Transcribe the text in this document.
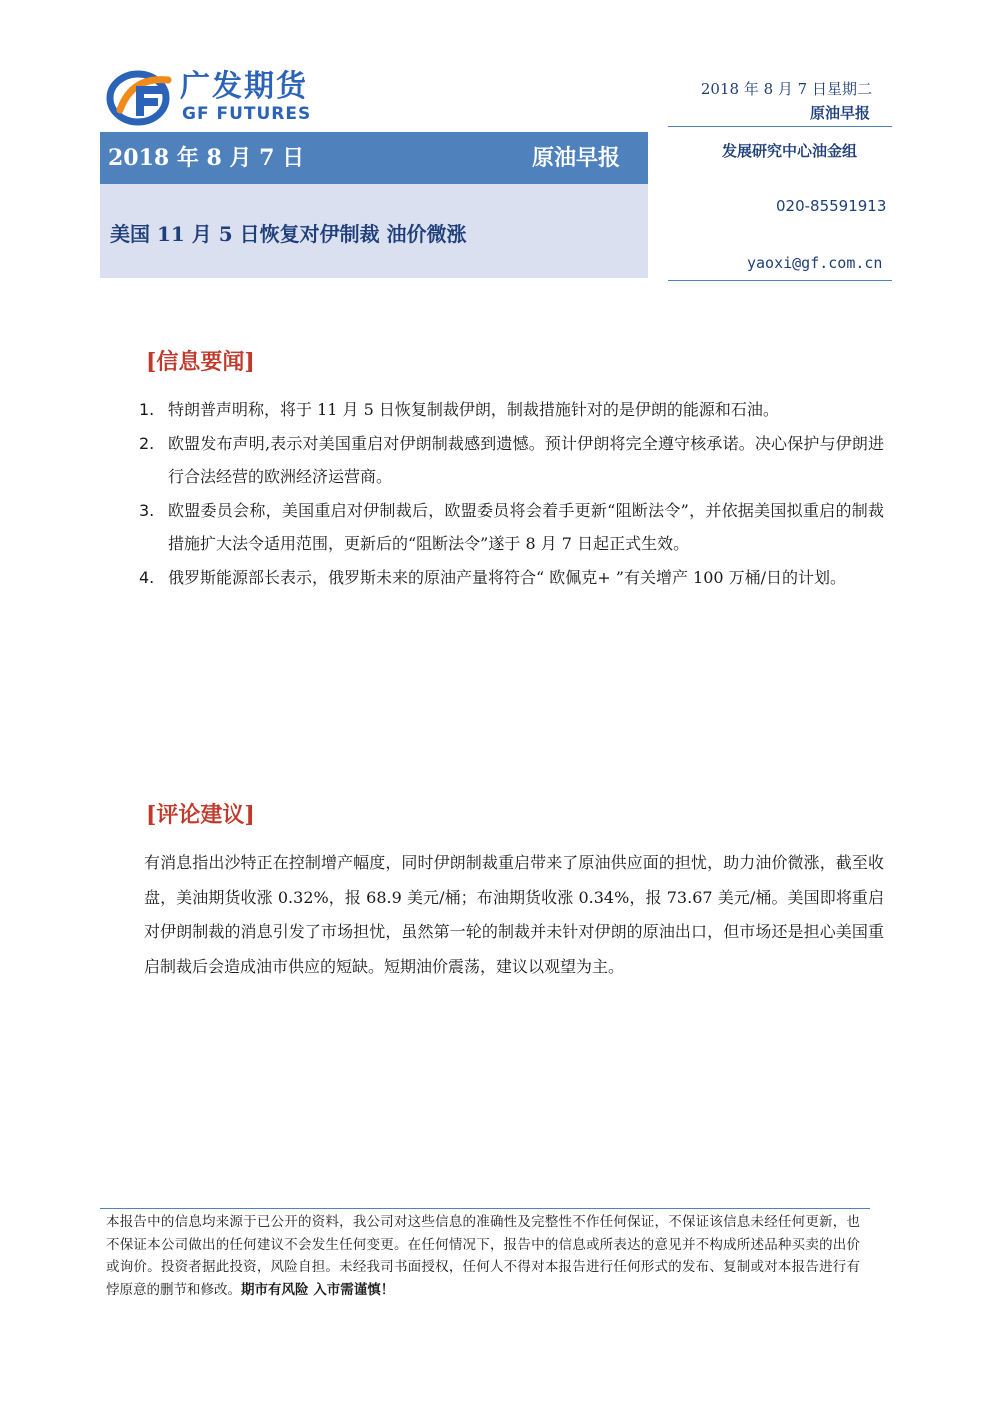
广发期货
GF FUTURES
2018 年 8 月 7 日星期二
原油早报
发展研究中心油金组
020-85591913
yaoxi@gf.com.cn
2018 年 8 月 7 日	原油早报
美国 11 月 5 日恢复对伊制裁 油价微涨
[信息要闻]
1. 特朗普声明称，将于 11 月 5 日恢复制裁伊朗，制裁措施针对的是伊朗的能源和石油。
2. 欧盟发布声明,表示对美国重启对伊朗制裁感到遗憾。预计伊朗将完全遵守核承诺。决心保护与伊朗进行合法经营的欧洲经济运营商。
3. 欧盟委员会称，美国重启对伊制裁后，欧盟委员将会着手更新“阻断法令”，并依据美国拟重启的制裁措施扩大法令适用范围，更新后的“阻断法令”遂于 8 月 7 日起正式生效。
4. 俄罗斯能源部长表示，俄罗斯未来的原油产量将符合“ 欧佩克+ ”有关增产 100 万桶/日的计划。
[评论建议]
有消息指出沙特正在控制增产幅度，同时伊朗制裁重启带来了原油供应面的担忧，助力油价微涨，截至收盘，美油期货收涨 0.32%，报 68.9 美元/桶；布油期货收涨 0.34%，报 73.67 美元/桶。美国即将重启对伊朗制裁的消息引发了市场担忧，虽然第一轮的制裁并未针对伊朗的原油出口，但市场还是担心美国重启制裁后会造成油市供应的短缺。短期油价震荡，建议以观望为主。
本报告中的信息均来源于已公开的资料，我公司对这些信息的准确性及完整性不作任何保证，不保证该信息未经任何更新，也不保证本公司做出的任何建议不会发生任何变更。在任何情况下，报告中的信息或所表达的意见并不构成所述品种买卖的出价或询价。投资者据此投资，风险自担。未经我司书面授权，任何人不得对本报告进行任何形式的发布、复制或对本报告进行有悖原意的删节和修改。期市有风险 入市需谨慎！
